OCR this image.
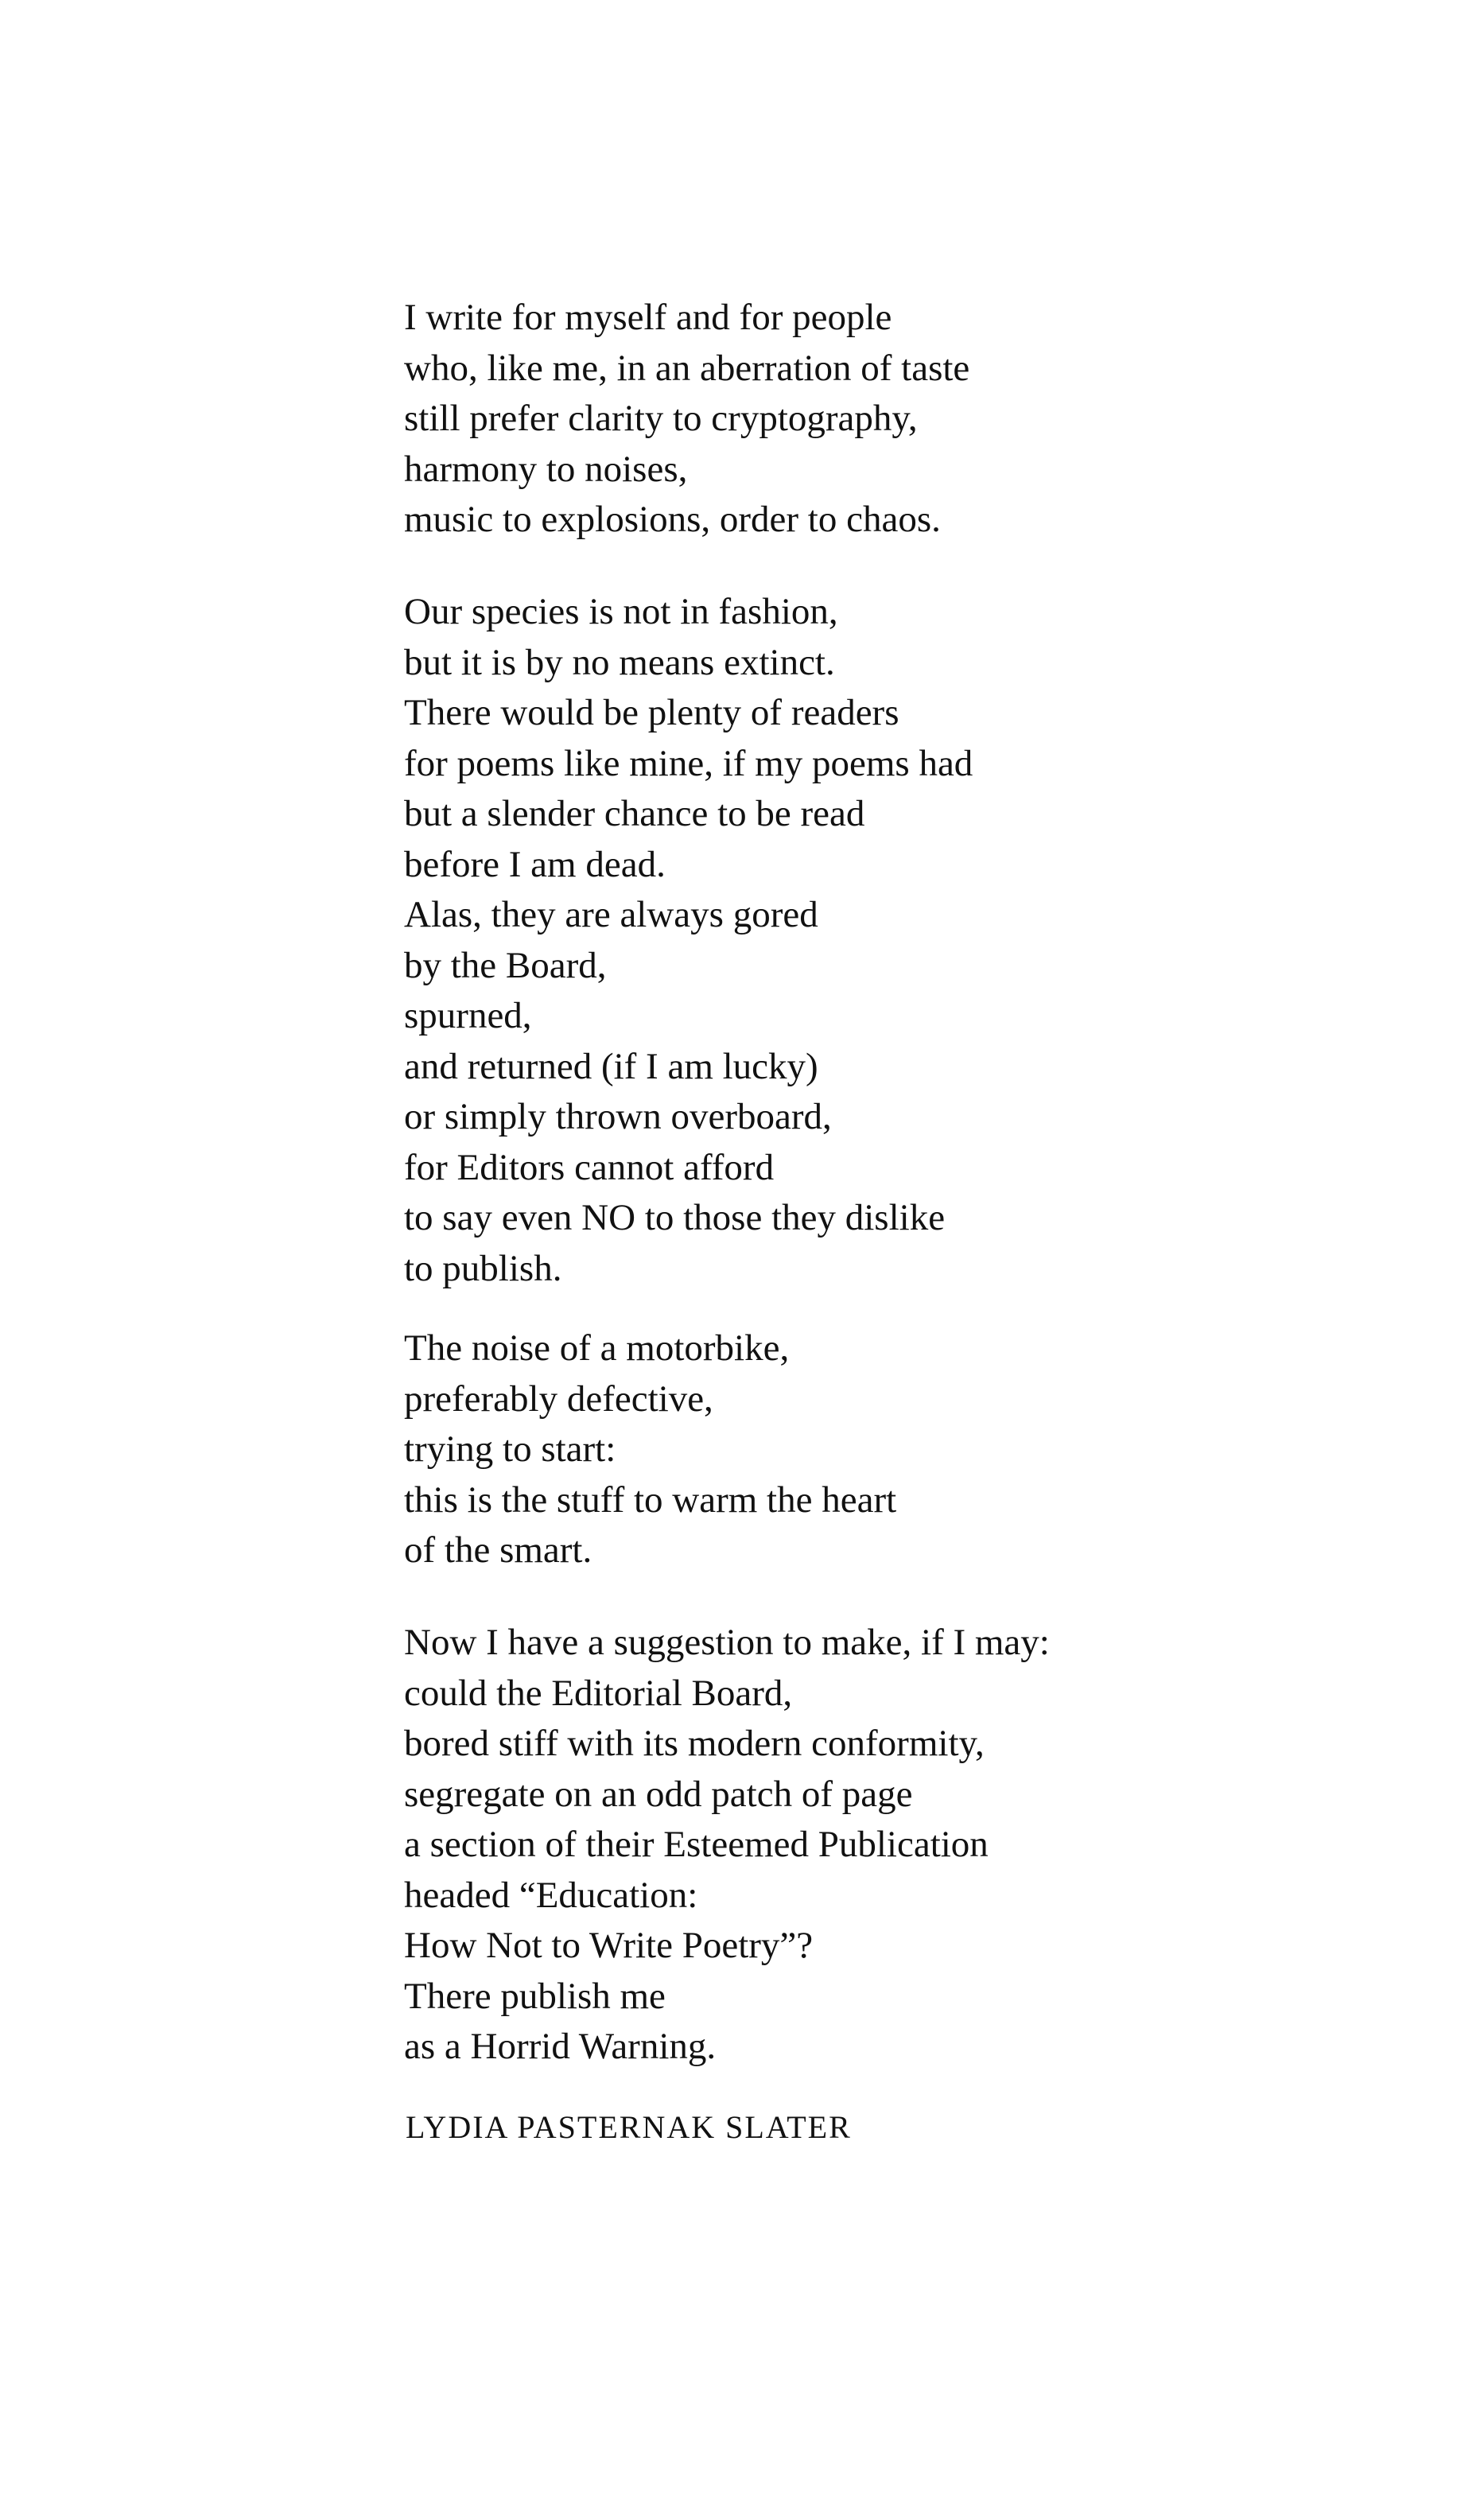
I write for myself and for people
who, like me, in an aberration of taste
still prefer clarity to cryptography,
harmony to noises,
music to explosions, order to chaos.
Our species is not in fashion,
but it is by no means extinct.
There would be plenty of readers
for poems like mine, if my poems had
but a slender chance to be read
before I am dead.
Alas, they are always gored
by the Board,
spurned,
and returned (if I am lucky)
or simply thrown overboard,
for Editors cannot afford
to say even NO to those they dislike
to publish.
The noise of a motorbike,
preferably defective,
trying to start:
this is the stuff to warm the heart
of the smart.
Now I have a suggestion to make, if I may:
could the Editorial Board,
bored stiff with its modern conformity,
segregate on an odd patch of page
a section of their Esteemed Publication
headed “Education:
How Not to Write Poetry”?
There publish me
as a Horrid Warning.
LYDIA PASTERNAK SLATER
